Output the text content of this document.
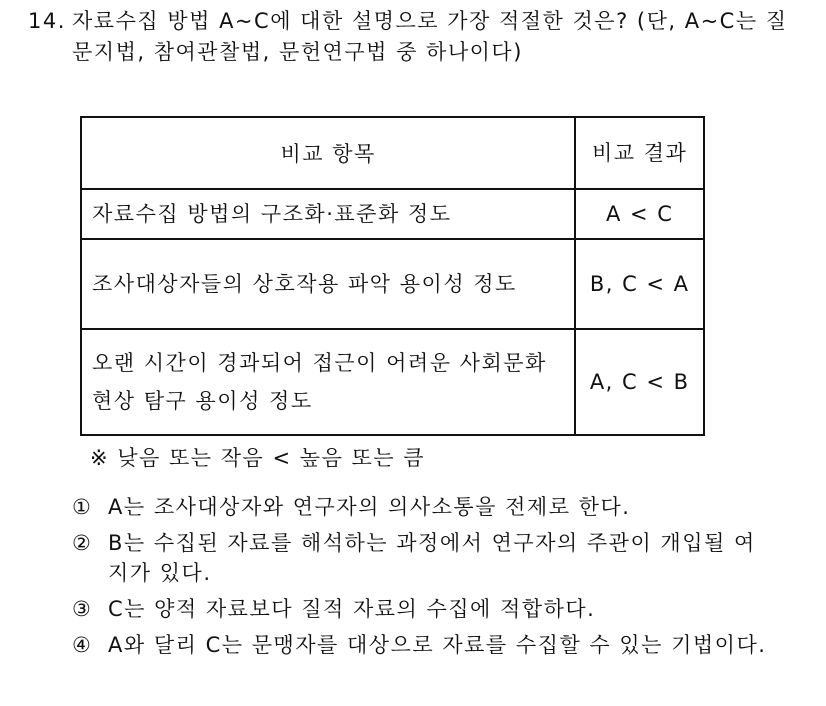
14. 자료수집 방법 A~C에 대한 설명으로 가장 적절한 것은? (단, A~C는 질문지법, 참여관찰법, 문헌연구법 중 하나이다)
비교 항목	비교 결과
자료수집 방법의 구조화·표준화 정도	A < C
조사대상자들의 상호작용 파악 용이성 정도	B, C < A
오랜 시간이 경과되어 접근이 어려운 사회문화 현상 탐구 용이성 정도	A, C < B
※ 낮음 또는 작음 < 높음 또는 큼
① A는 조사대상자와 연구자의 의사소통을 전제로 한다.
② B는 수집된 자료를 해석하는 과정에서 연구자의 주관이 개입될 여지가 있다.
③ C는 양적 자료보다 질적 자료의 수집에 적합하다.
④ A와 달리 C는 문맹자를 대상으로 자료를 수집할 수 있는 기법이다.
